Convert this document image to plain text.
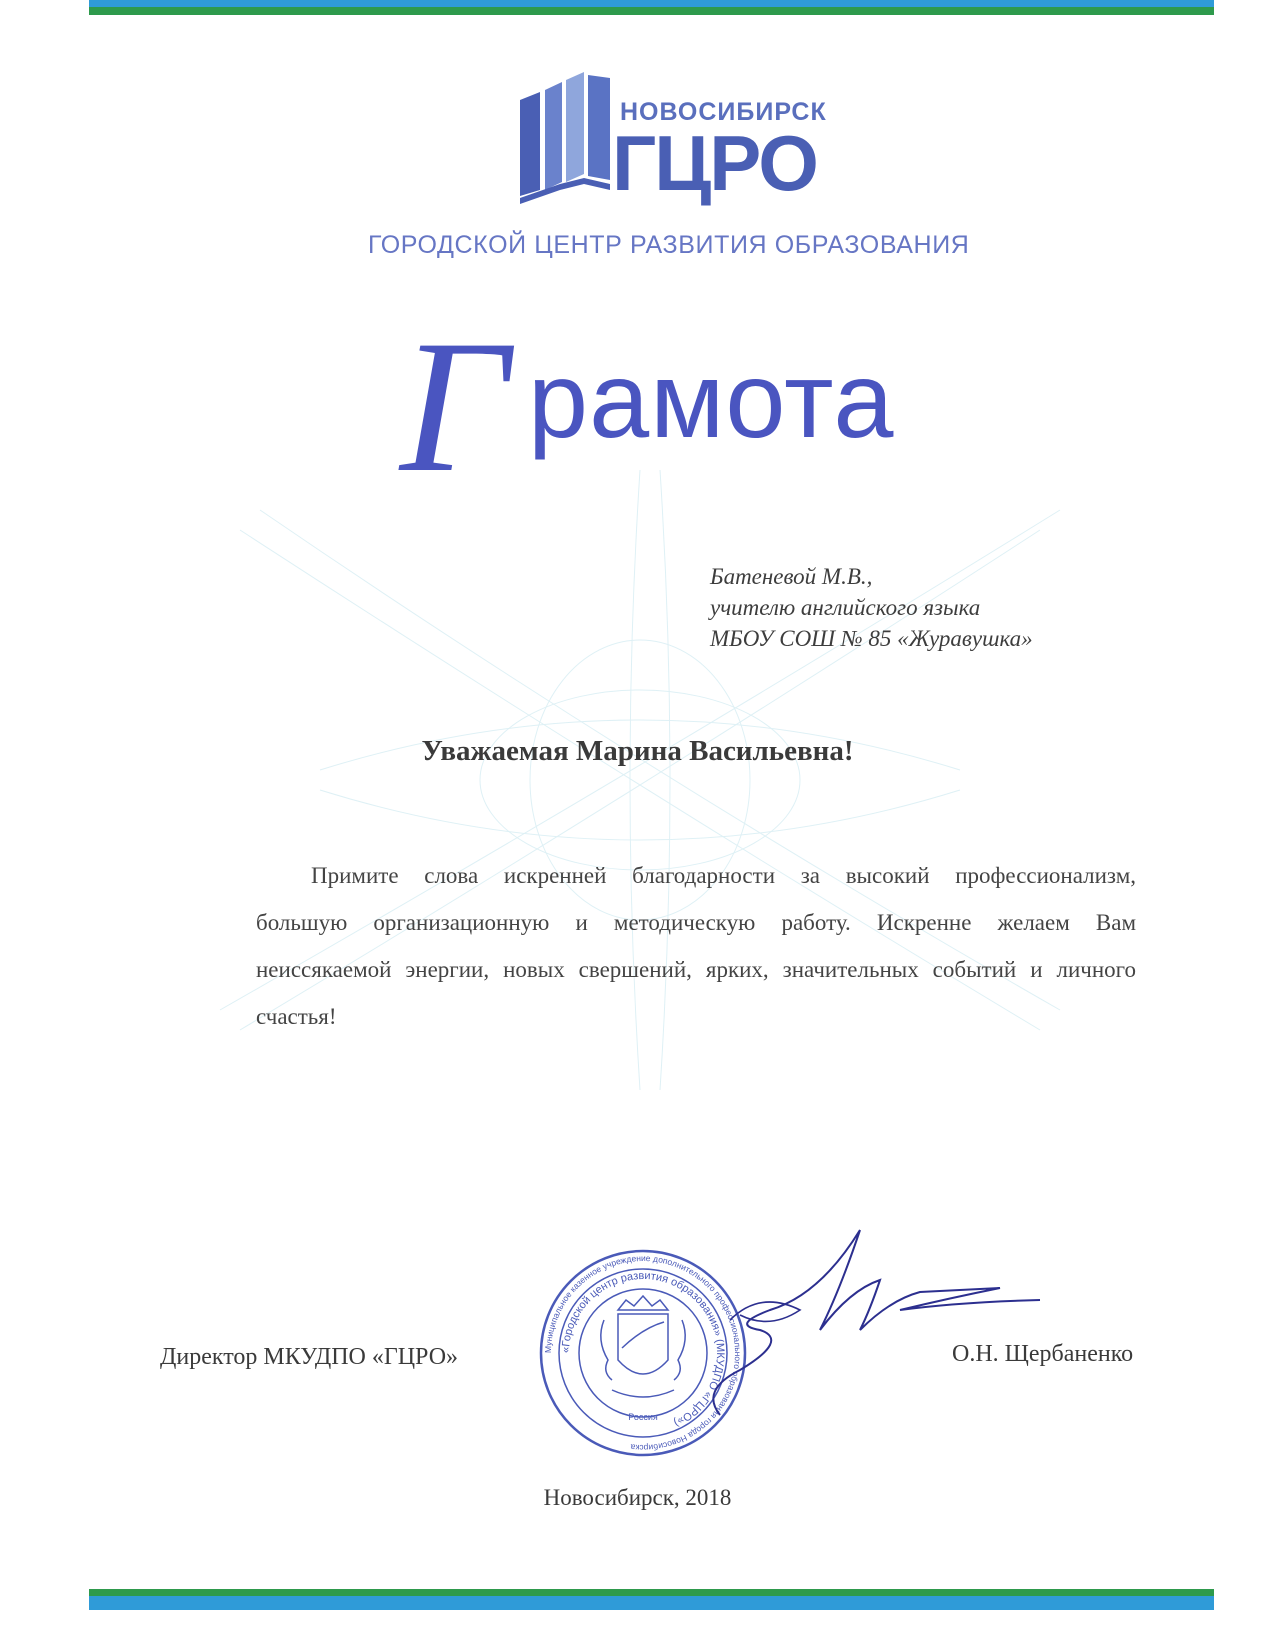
НОВОСИБИРСК
ГЦРО
ГОРОДСКОЙ ЦЕНТР РАЗВИТИЯ ОБРАЗОВАНИЯ
Г рамота
Батеневой М.В.,
учителю английского языка
МБОУ СОШ № 85 «Журавушка»
Уважаемая Марина Васильевна!
Примите слова искренней благодарности за высокий профессионализм, большую организационную и методическую работу. Искренне желаем Вам неиссякаемой энергии, новых свершений, ярких, значительных событий и личного счастья!
Директор МКУДПО «ГЦРО»	Муниципальное казенное учреждение дополнительного профессионального образования города Новосибирска
«Городской центр развития образования» (МКУДПО «ГЦРО»)
Россия
О.Н. Щербаненко
Новосибирск, 2018
